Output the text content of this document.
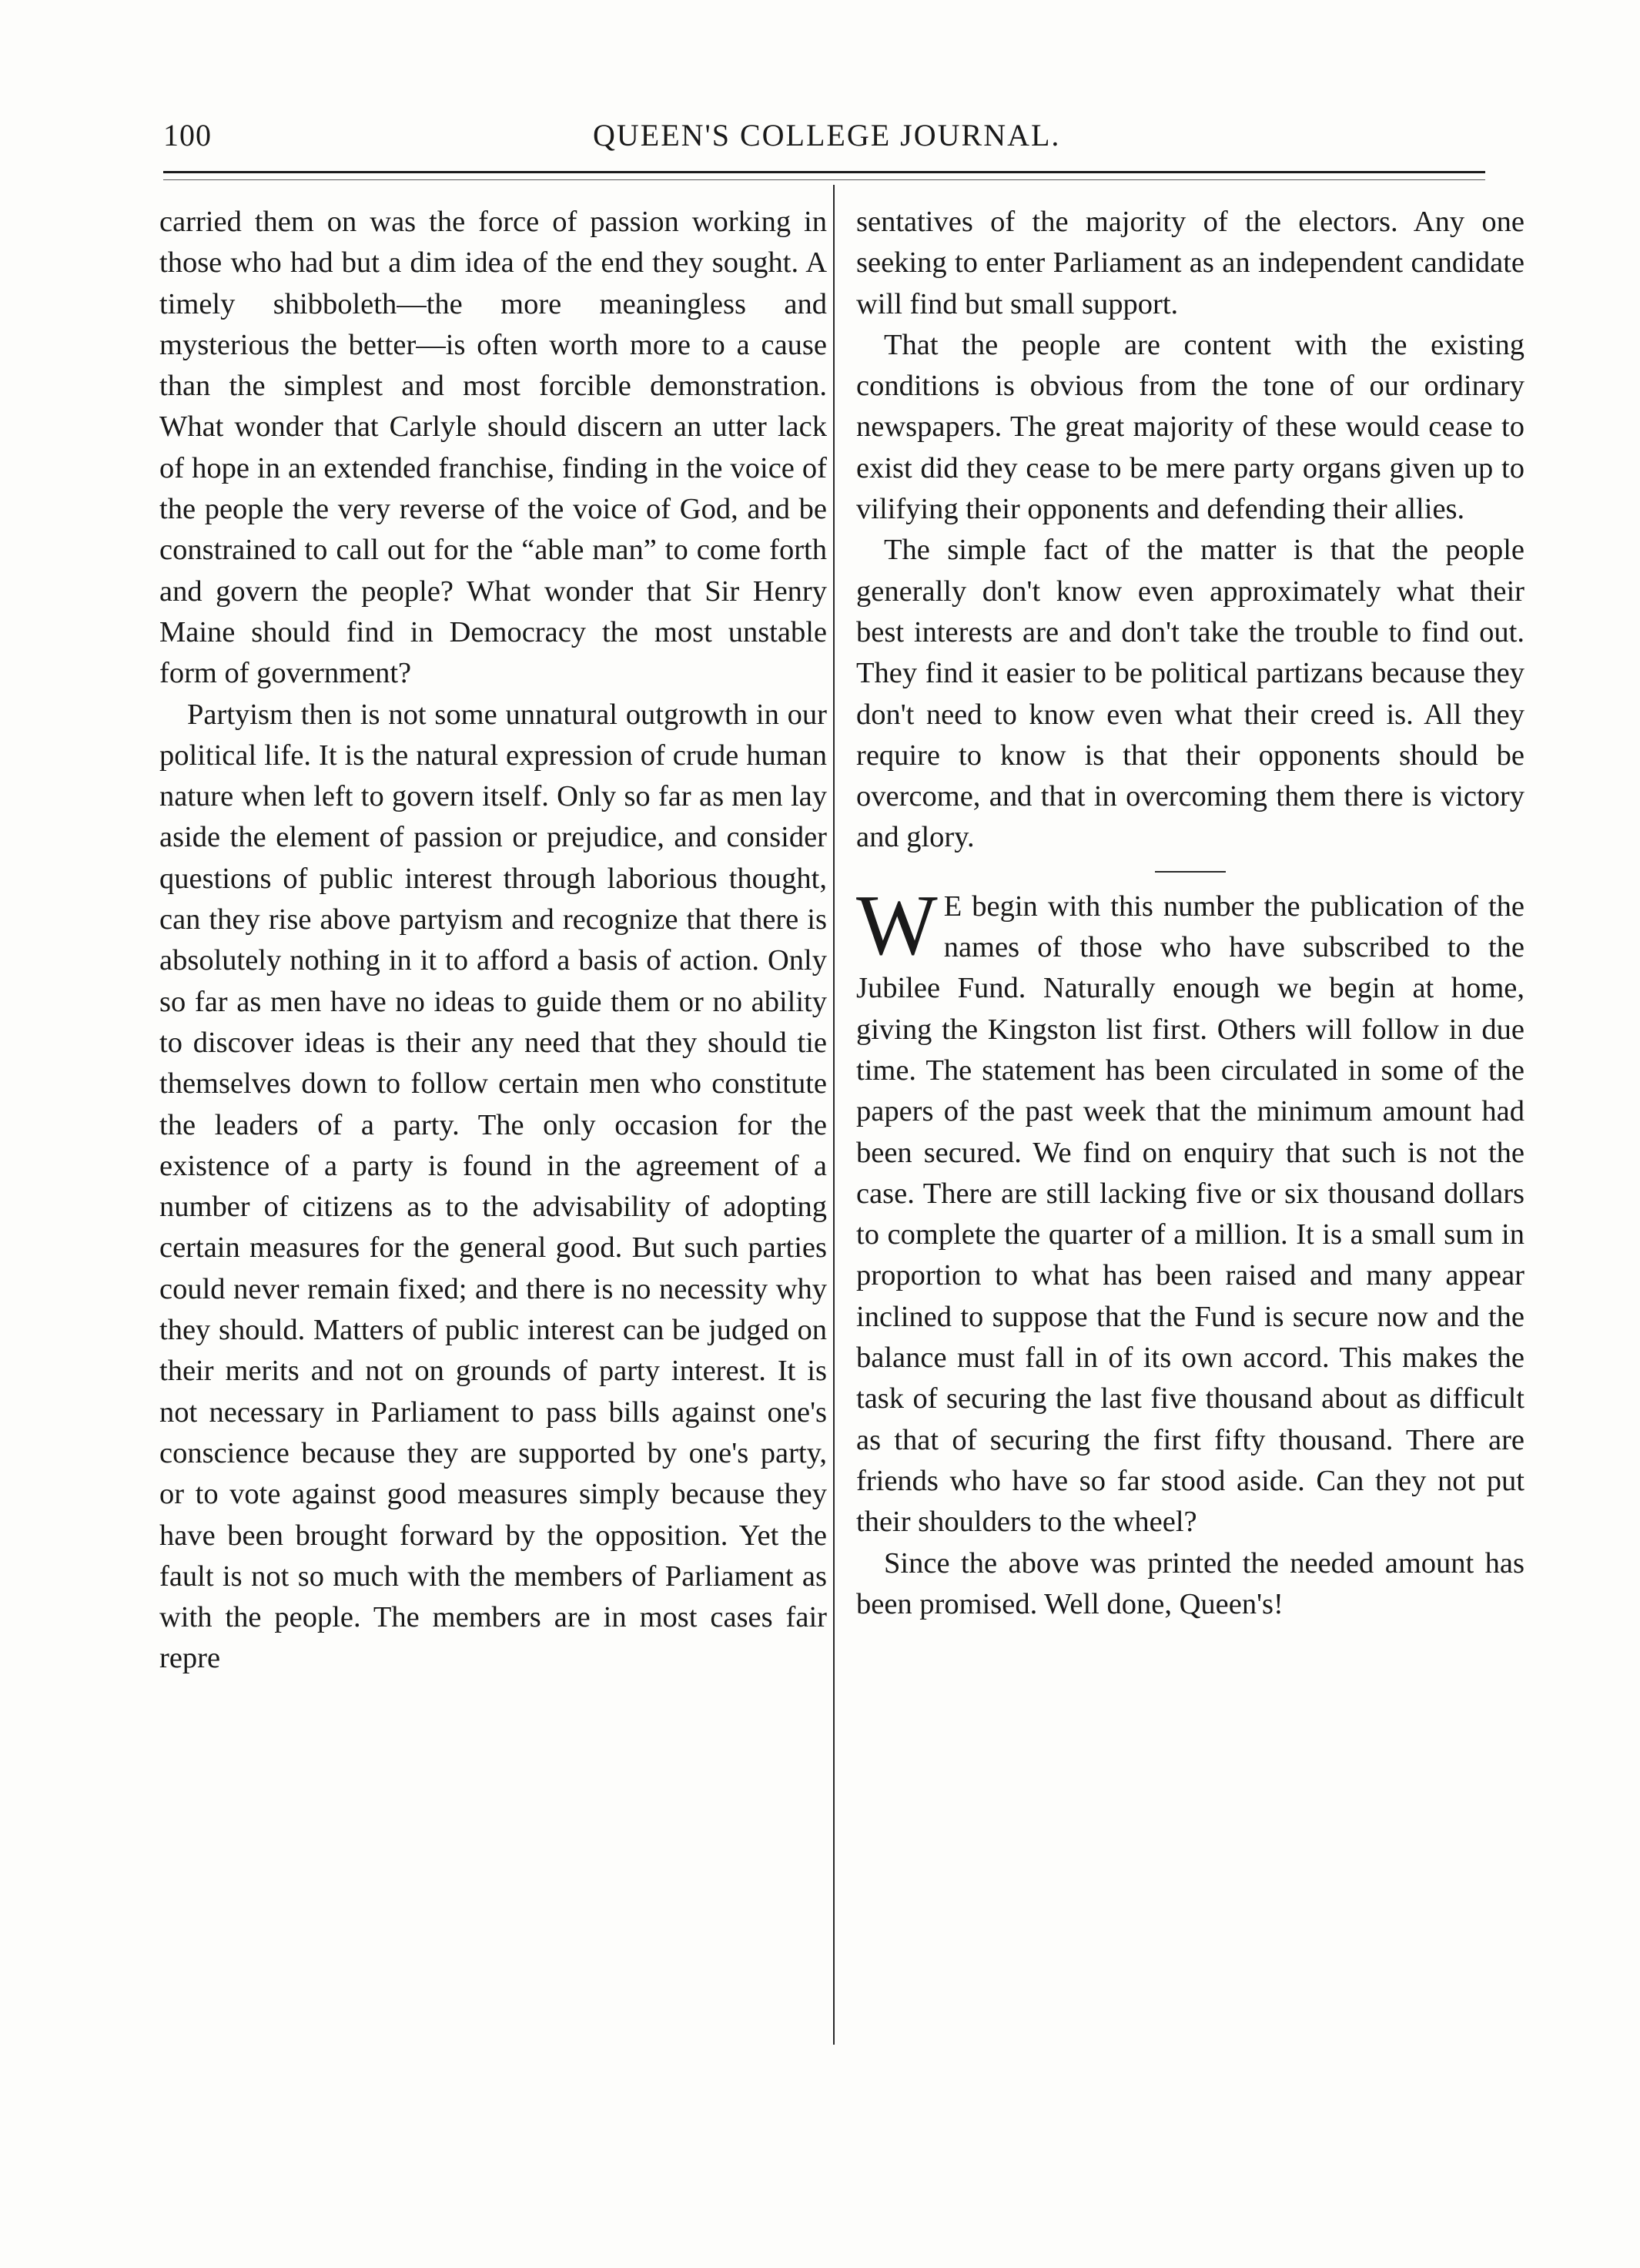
100	QUEEN'S COLLEGE JOURNAL.

carried them on was the force of passion working in those who had but a dim idea of the end they sought. A timely shibboleth—the more meaningless and mysterious the better—is often worth more to a cause than the simplest and most forcible demonstration. What wonder that Carlyle should discern an utter lack of hope in an extended franchise, finding in the voice of the people the very reverse of the voice of God, and be constrained to call out for the “able man” to come forth and govern the people? What wonder that Sir Henry Maine should find in Democracy the most unstable form of government?

Partyism then is not some unnatural outgrowth in our political life. It is the natural expression of crude human nature when left to govern itself. Only so far as men lay aside the element of passion or prejudice, and consider questions of public interest through laborious thought, can they rise above partyism and recognize that there is absolutely nothing in it to afford a basis of action. Only so far as men have no ideas to guide them or no ability to discover ideas is their any need that they should tie themselves down to follow certain men who constitute the leaders of a party. The only occasion for the existence of a party is found in the agreement of a number of citizens as to the advisability of adopting certain measures for the general good. But such parties could never remain fixed; and there is no necessity why they should. Matters of public interest can be judged on their merits and not on grounds of party interest. It is not necessary in Parliament to pass bills against one's conscience because they are supported by one's party, or to vote against good measures simply because they have been brought forward by the opposition. Yet the fault is not so much with the members of Parliament as with the people. The members are in most cases fair repre

sentatives of the majority of the electors. Any one seeking to enter Parliament as an independent candidate will find but small support.

That the people are content with the existing conditions is obvious from the tone of our ordinary newspapers. The great majority of these would cease to exist did they cease to be mere party organs given up to vilifying their opponents and defending their allies.

The simple fact of the matter is that the people generally don't know even approximately what their best interests are and don't take the trouble to find out. They find it easier to be political partizans because they don't need to know even what their creed is. All they require to know is that their opponents should be overcome, and that in overcoming them there is victory and glory.

W E begin with this number the publication of the names of those who have subscribed to the Jubilee Fund. Naturally enough we begin at home, giving the Kingston list first. Others will follow in due time. The statement has been circulated in some of the papers of the past week that the minimum amount had been secured. We find on enquiry that such is not the case. There are still lacking five or six thousand dollars to complete the quarter of a million. It is a small sum in proportion to what has been raised and many appear inclined to suppose that the Fund is secure now and the balance must fall in of its own accord. This makes the task of securing the last five thousand about as difficult as that of securing the first fifty thousand. There are friends who have so far stood aside. Can they not put their shoulders to the wheel?

Since the above was printed the needed amount has been promised. Well done, Queen's!
